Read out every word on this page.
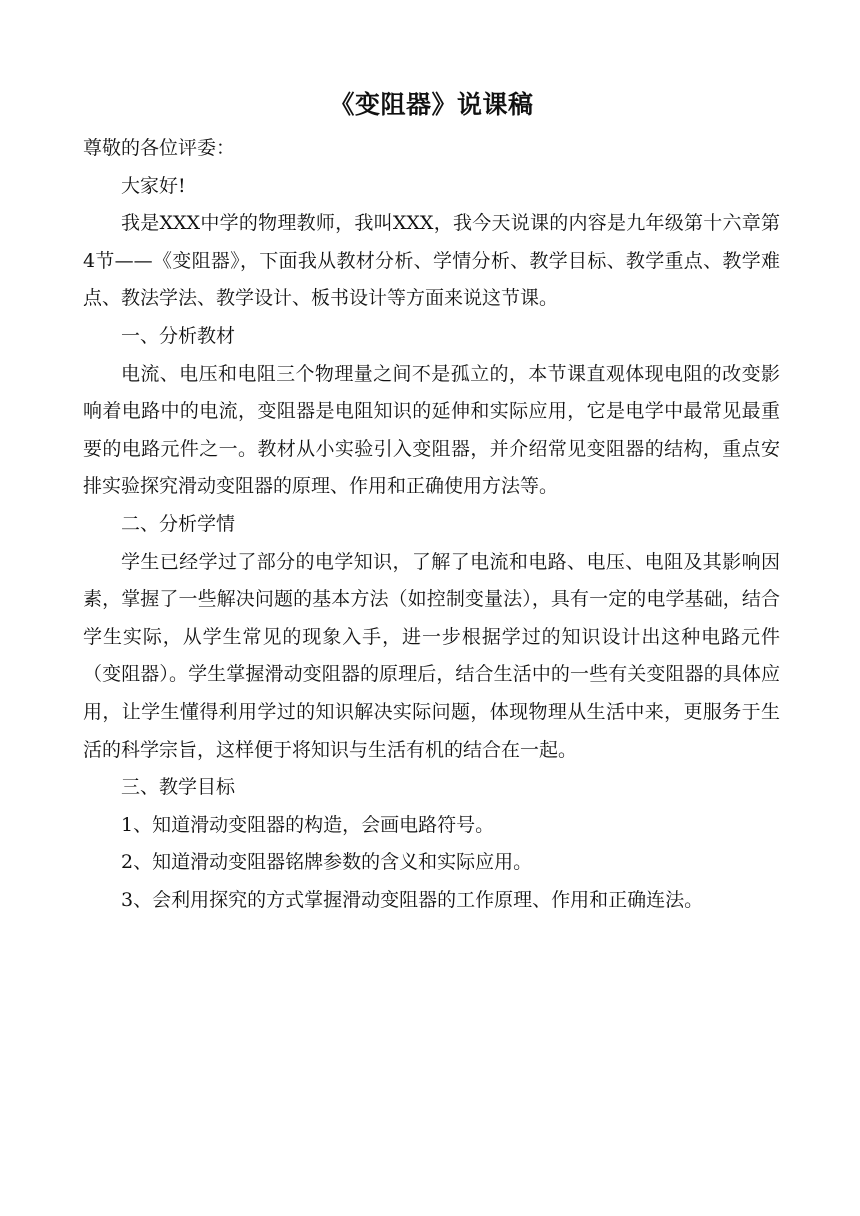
《变阻器》说课稿

尊敬的各位评委：

大家好!

我是XXX中学的物理教师，我叫XXX，我今天说课的内容是九年级第十六章第4节——《变阻器》，下面我从教材分析、学情分析、教学目标、教学重点、教学难点、教法学法、教学设计、板书设计等方面来说这节课。

一、分析教材

电流、电压和电阻三个物理量之间不是孤立的，本节课直观体现电阻的改变影响着电路中的电流，变阻器是电阻知识的延伸和实际应用，它是电学中最常见最重要的电路元件之一。教材从小实验引入变阻器，并介绍常见变阻器的结构，重点安排实验探究滑动变阻器的原理、作用和正确使用方法等。

二、分析学情

学生已经学过了部分的电学知识，了解了电流和电路、电压、电阻及其影响因素，掌握了一些解决问题的基本方法（如控制变量法），具有一定的电学基础，结合学生实际，从学生常见的现象入手，进一步根据学过的知识设计出这种电路元件（变阻器）。学生掌握滑动变阻器的原理后，结合生活中的一些有关变阻器的具体应用，让学生懂得利用学过的知识解决实际问题，体现物理从生活中来，更服务于生活的科学宗旨，这样便于将知识与生活有机的结合在一起。

三、教学目标

1、知道滑动变阻器的构造，会画电路符号。

2、知道滑动变阻器铭牌参数的含义和实际应用。

3、会利用探究的方式掌握滑动变阻器的工作原理、作用和正确连法。
